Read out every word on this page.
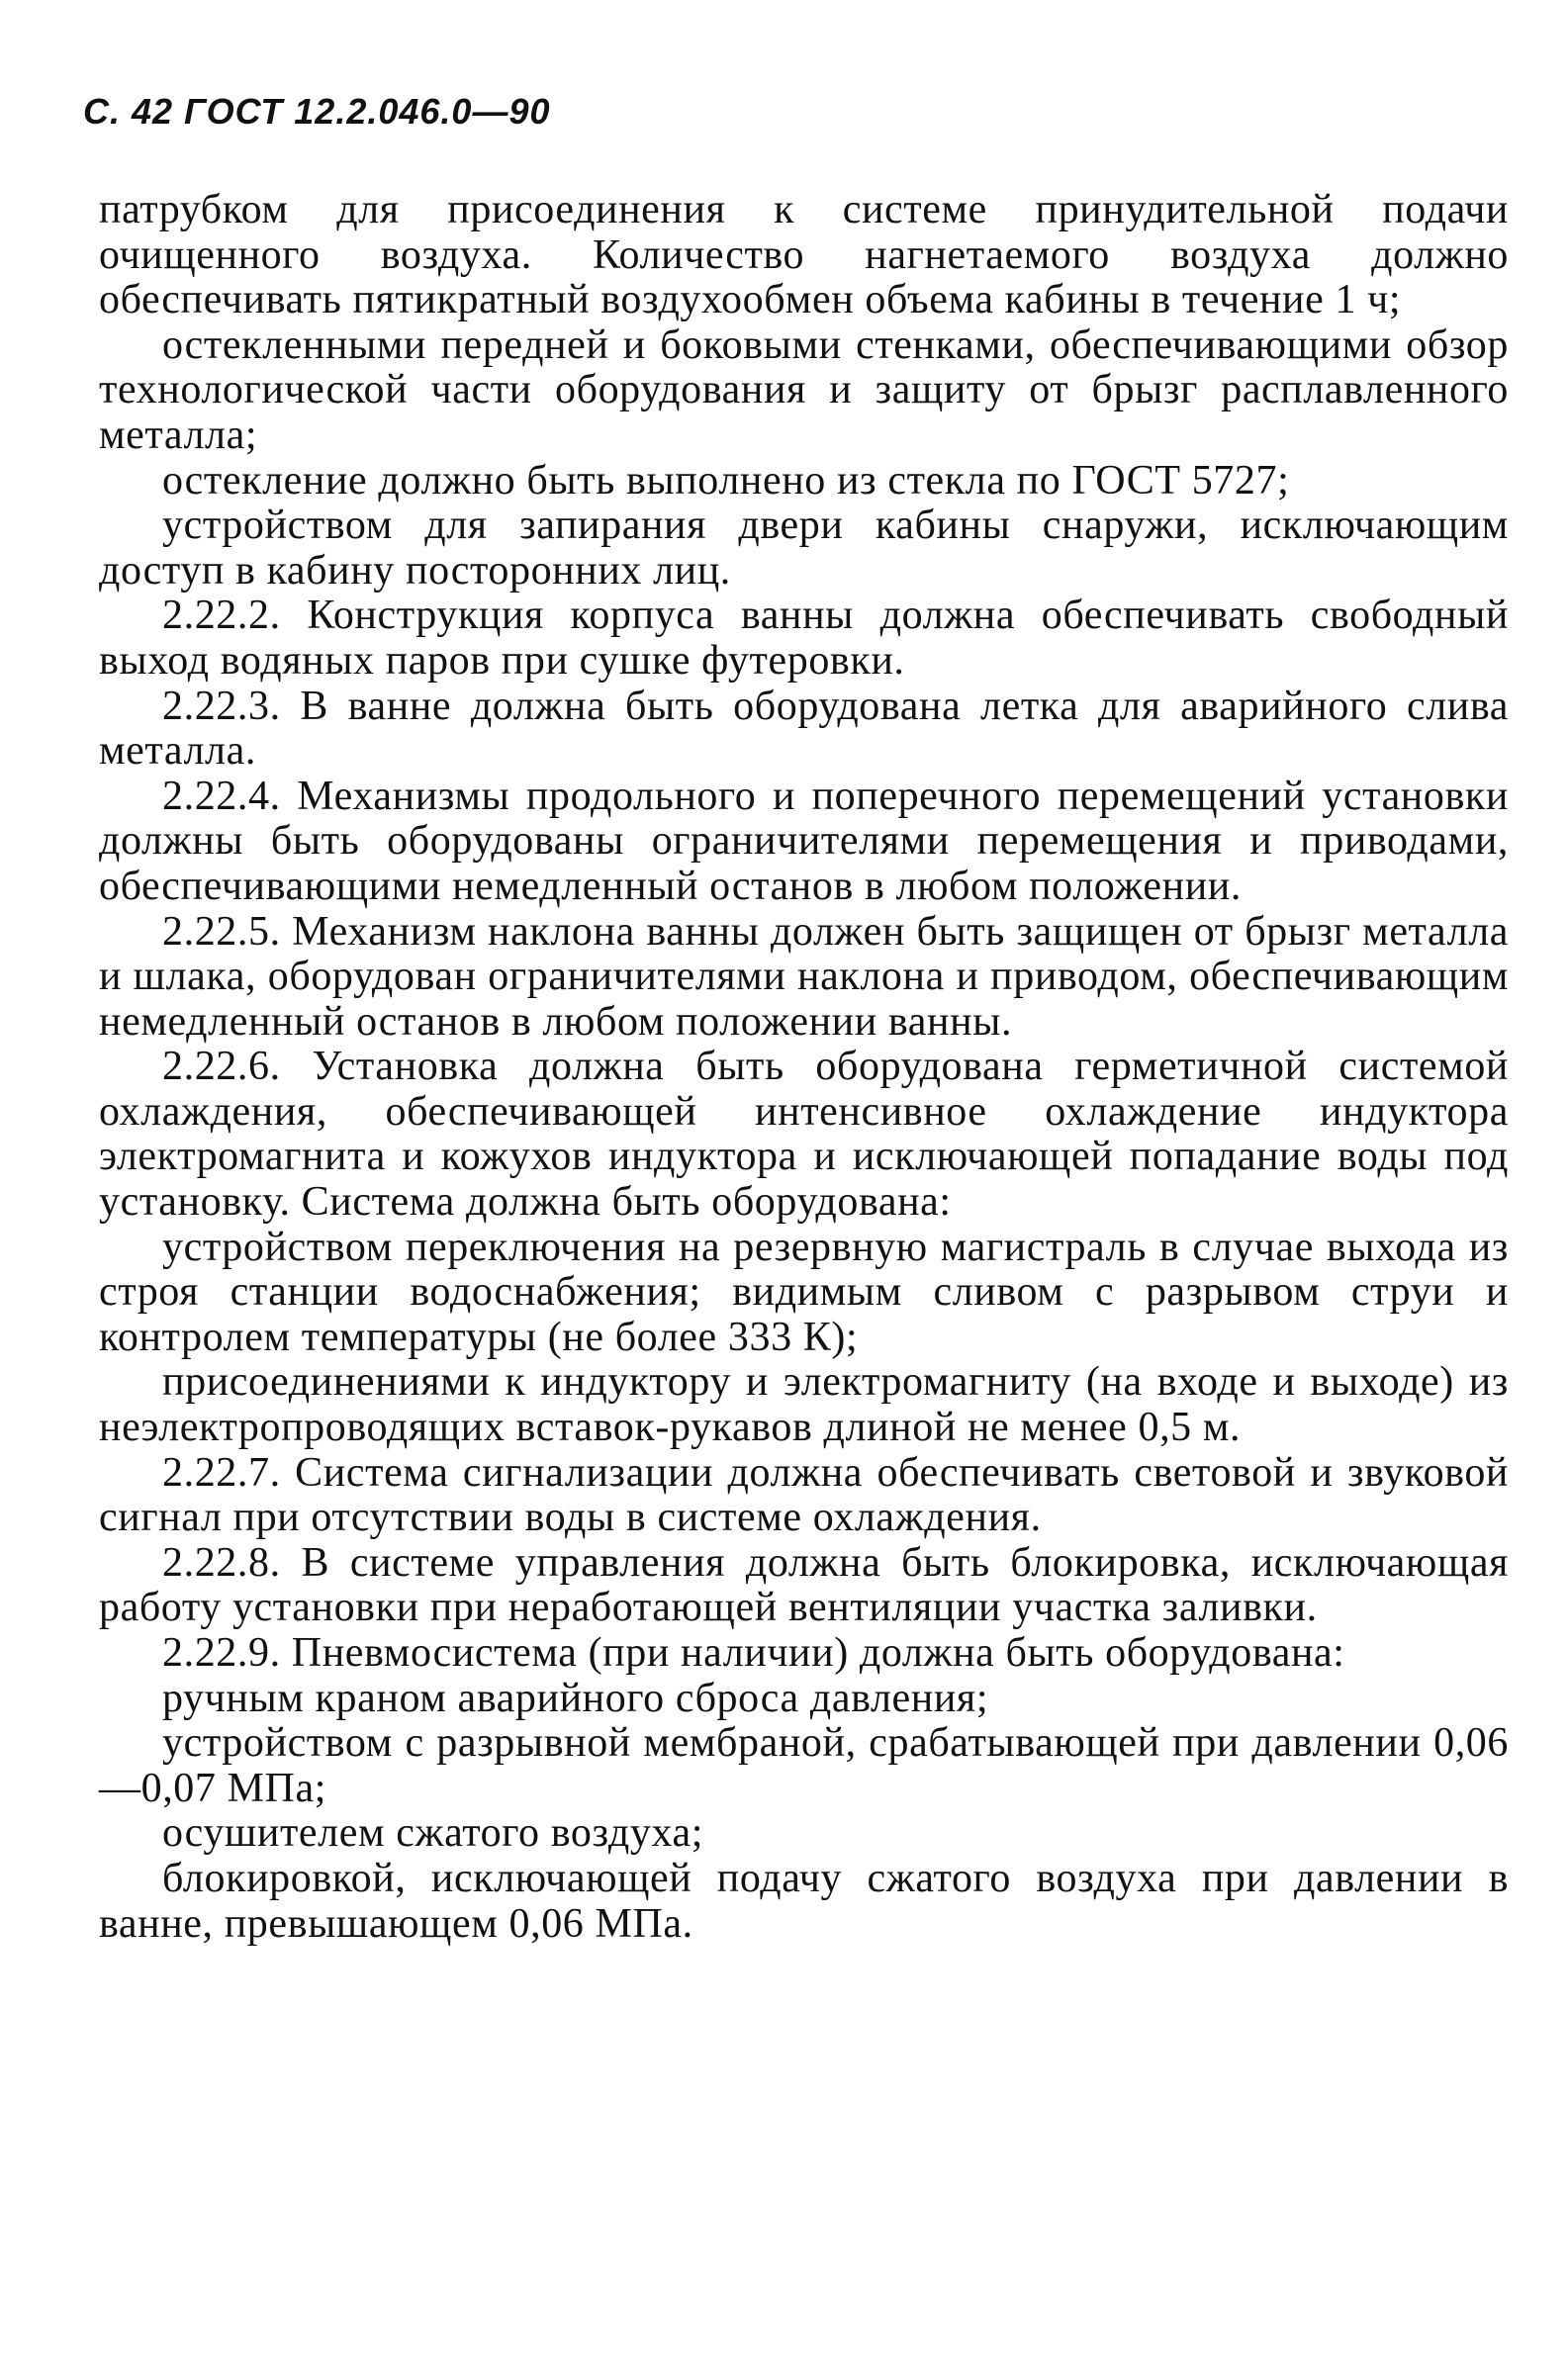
С. 42 ГОСТ 12.2.046.0—90

патрубком для присоединения к системе принудительной подачи очищенного воздуха. Количество нагнетаемого воздуха должно обеспечивать пятикратный воздухообмен объема кабины в течение 1 ч;

остекленными передней и боковыми стенками, обеспечивающими обзор технологической части оборудования и защиту от брызг расплавленного металла;

остекление должно быть выполнено из стекла по ГОСТ 5727;

устройством для запирания двери кабины снаружи, исключающим доступ в кабину посторонних лиц.

2.22.2. Конструкция корпуса ванны должна обеспечивать свободный выход водяных паров при сушке футеровки.

2.22.3. В ванне должна быть оборудована летка для аварийного слива металла.

2.22.4. Механизмы продольного и поперечного перемещений установки должны быть оборудованы ограничителями перемещения и приводами, обеспечивающими немедленный останов в любом положении.

2.22.5. Механизм наклона ванны должен быть защищен от брызг металла и шлака, оборудован ограничителями наклона и приводом, обеспечивающим немедленный останов в любом положении ванны.

2.22.6. Установка должна быть оборудована герметичной системой охлаждения, обеспечивающей интенсивное охлаждение индуктора электромагнита и кожухов индуктора и исключающей попадание воды под установку. Система должна быть оборудована:

устройством переключения на резервную магистраль в случае выхода из строя станции водоснабжения; видимым сливом с разрывом струи и контролем температуры (не более 333 К);

присоединениями к индуктору и электромагниту (на входе и выходе) из неэлектропроводящих вставок-рукавов длиной не менее 0,5 м.

2.22.7. Система сигнализации должна обеспечивать световой и звуковой сигнал при отсутствии воды в системе охлаждения.

2.22.8. В системе управления должна быть блокировка, исключающая работу установки при неработающей вентиляции участка заливки.

2.22.9. Пневмосистема (при наличии) должна быть оборудована:

ручным краном аварийного сброса давления;

устройством с разрывной мембраной, срабатывающей при давлении 0,06—0,07 МПа;

осушителем сжатого воздуха;

блокировкой, исключающей подачу сжатого воздуха при давлении в ванне, превышающем 0,06 МПа.
